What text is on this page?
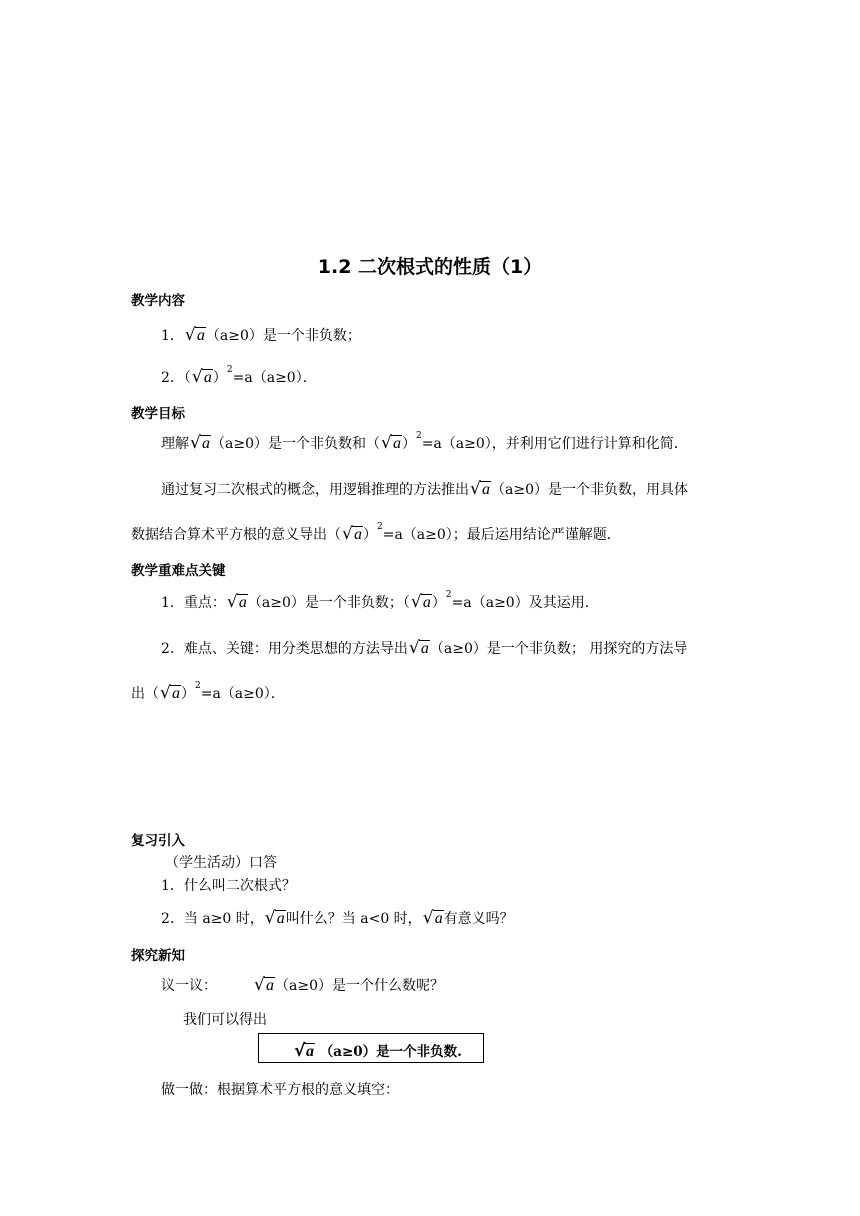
1.2 二次根式的性质（1）
教学内容
1． √ a（a≥0）是一个非负数；
2．（ √ a）$^2$=a（a≥0）．
教学目标
理解 √ a（a≥0）是一个非负数和（ √ a）$^2$=a（a≥0），并利用它们进行计算和化简．
通过复习二次根式的概念，用逻辑推理的方法推出 √ a（a≥0）是一个非负数，用具体
数据结合算术平方根的意义导出（ √ a）$^2$=a（a≥0）；最后运用结论严谨解题．
教学重难点关键
1．重点： √ a（a≥0）是一个非负数；（ √ a）$^2$=a（a≥0）及其运用．
2．难点、关键：用分类思想的方法导出 √ a（a≥0）是一个非负数； 用探究的方法导
出（ √ a）$^2$=a（a≥0）．
复习引入
（学生活动）口答
1．什么叫二次根式？
2．当 a≥0 时， √ a叫什么？当 a<0 时， √ a有意义吗？
探究新知
议一议： √ a（a≥0）是一个什么数呢？
我们可以得出
√ a （a≥0）是一个非负数.
做一做：根据算术平方根的意义填空：
